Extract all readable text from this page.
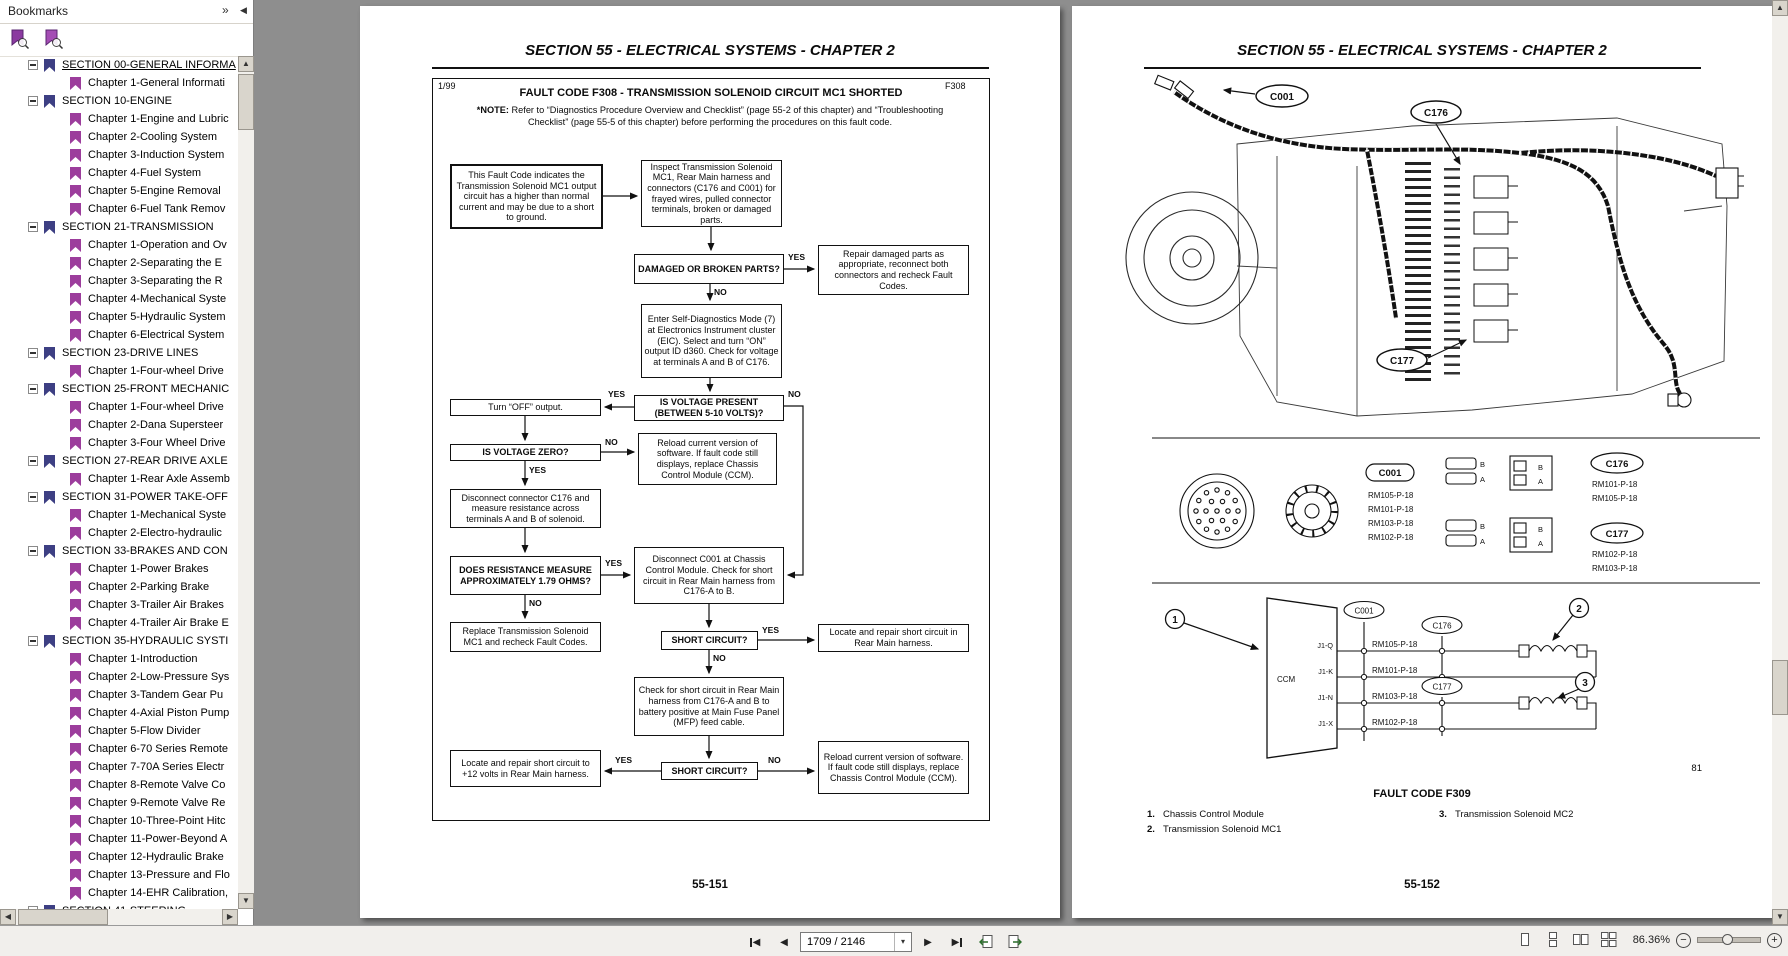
Bookmarks	» ◀
SECTION 00-GENERAL INFORMA
Chapter 1-General Informati
SECTION 10-ENGINE
Chapter 1-Engine and Lubric
Chapter 2-Cooling System
Chapter 3-Induction System
Chapter 4-Fuel System
Chapter 5-Engine Removal
Chapter 6-Fuel Tank Remov
SECTION 21-TRANSMISSION
Chapter 1-Operation and Ov
Chapter 2-Separating the E
Chapter 3-Separating the R
Chapter 4-Mechanical Syste
Chapter 5-Hydraulic System
Chapter 6-Electrical System
SECTION 23-DRIVE LINES
Chapter 1-Four-wheel Drive
SECTION 25-FRONT MECHANIC
Chapter 1-Four-wheel Drive
Chapter 2-Dana Supersteer
Chapter 3-Four Wheel Drive
SECTION 27-REAR DRIVE AXLE
Chapter 1-Rear Axle Assemb
SECTION 31-POWER TAKE-OFF
Chapter 1-Mechanical Syste
Chapter 2-Electro-hydraulic
SECTION 33-BRAKES AND CON
Chapter 1-Power Brakes
Chapter 2-Parking Brake
Chapter 3-Trailer Air Brakes
Chapter 4-Trailer Air Brake E
SECTION 35-HYDRAULIC SYSTI
Chapter 1-Introduction
Chapter 2-Low-Pressure Sys
Chapter 3-Tandem Gear Pu
Chapter 4-Axial Piston Pump
Chapter 5-Flow Divider
Chapter 6-70 Series Remote
Chapter 7-70A Series Electr
Chapter 8-Remote Valve Co
Chapter 9-Remote Valve Re
Chapter 10-Three-Point Hitc
Chapter 11-Power-Beyond A
Chapter 12-Hydraulic Brake
Chapter 13-Pressure and Flo
Chapter 14-EHR Calibration,
▲
▼
◀	▶
SECTION 55 - ELECTRICAL SYSTEMS - CHAPTER 2
1/99	F308
FAULT CODE F308 - TRANSMISSION SOLENOID CIRCUIT MC1 SHORTED
*NOTE: Refer to “Diagnostics Procedure Overview and Checklist” (page 55-2 of this chapter) and “Troubleshooting Checklist” (page 55-5 of this chapter) before performing the procedures on this fault code.
This Fault Code indicates the Transmission Solenoid MC1 output circuit has a higher than normal current and may be due to a short to ground.
Inspect Transmission Solenoid MC1, Rear Main harness and connectors (C176 and C001) for frayed wires, pulled connector terminals, broken or damaged parts.
DAMAGED OR BROKEN PARTS?
Repair damaged parts as appropriate, reconnect both connectors and recheck Fault Codes.
Enter Self-Diagnostics Mode (7) at Electronics Instrument cluster (EIC). Select and turn “ON” output ID d360. Check for voltage at terminals A and B of C176.
IS VOLTAGE PRESENT (BETWEEN 5-10 VOLTS)?
Turn “OFF” output.
Reload current version of software. If fault code still displays, replace Chassis Control Module (CCM).
IS VOLTAGE ZERO?
Disconnect connector C176 and measure resistance across terminals A and B of solenoid.
DOES RESISTANCE MEASURE APPROXIMATELY 1.79 OHMS?
Disconnect C001 at Chassis Control Module. Check for short circuit in Rear Main harness from C176-A to B.
Replace Transmission Solenoid MC1 and recheck Fault Codes.	SHORT CIRCUIT?
Locate and repair short circuit in Rear Main harness.
Check for short circuit in Rear Main harness from C176-A and B to battery positive at Main Fuse Panel (MFP) feed cable.
SHORT CIRCUIT?
Locate and repair short circuit to +12 volts in Rear Main harness.
Reload current version of software. If fault code still displays, replace Chassis Control Module (CCM).
YES
NO
YES	NO
NO
YES
YES
NO
YES
NO
YES	NO
55-151
SECTION 55 - ELECTRICAL SYSTEMS - CHAPTER 2
C001
C176
C177
C001
RM105-P-18
RM101-P-18
RM103-P-18
RM102-P-18
B
A
B
A
B
A
B
A
C176
RM101-P-18
RM105-P-18
C177
RM102-P-18
RM103-P-18
CCM
J1-Q
J1-K
J1-N
J1-X
C001
C176
C177
RM105-P-18
RM101-P-18
RM103-P-18
RM102-P-18
1
2
3
81
FAULT CODE F309
1. Chassis Control Module
2. Transmission Solenoid MC1
3. Transmission Solenoid MC2
55-152
▲
▼
◀ ◀
1709 / 2146	▾	▶ ▶	86.36% −	+
